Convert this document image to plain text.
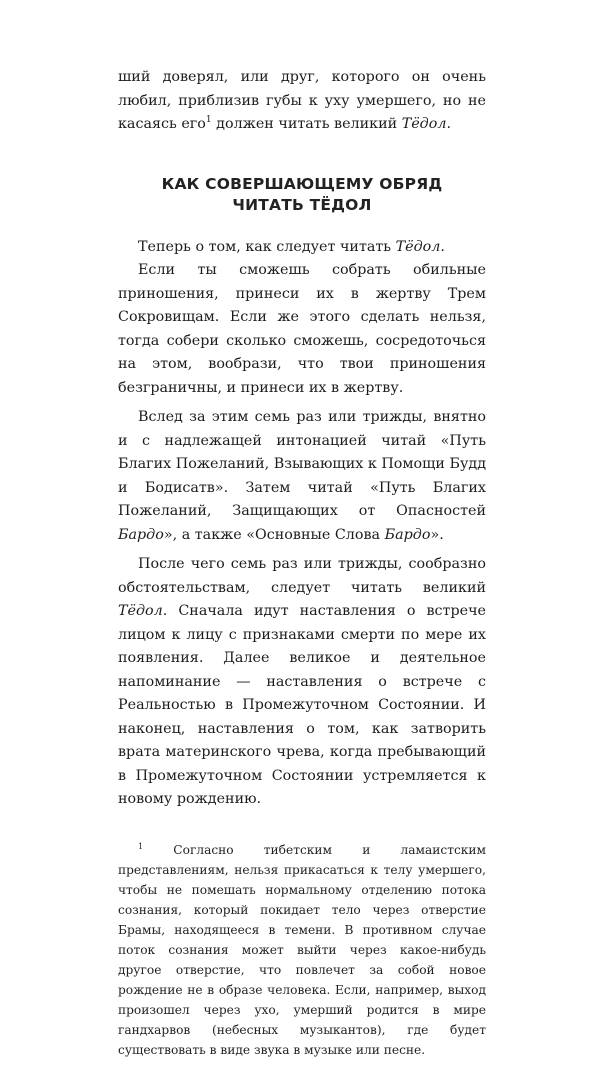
ший доверял, или друг, которого он очень любил, приблизив губы к уху умершего, но не касаясь его$^1$ должен читать великий Тёдол.

КАК СОВЕРШАЮЩЕМУ ОБРЯД
ЧИТАТЬ ТЁДОЛ

Теперь о том, как следует читать Тёдол.

Если ты сможешь собрать обильные приношения, принеси их в жертву Трем Сокровищам. Если же этого сделать нельзя, тогда собери сколько сможешь, сосредоточься на этом, вообрази, что твои приношения безграничны, и принеси их в жертву.

Вслед за этим семь раз или трижды, внятно и с надлежащей интонацией читай «Путь Благих Пожеланий, Взывающих к Помощи Будд и Бодисатв». Затем читай «Путь Благих Пожеланий, Защищающих от Опасностей Бардо», а также «Основные Слова Бардо».

После чего семь раз или трижды, сообразно обстоятельствам, следует читать великий Тёдол. Сначала идут наставления о встрече лицом к лицу с признаками смерти по мере их появления. Далее великое и деятельное напоминание — наставления о встрече с Реальностью в Промежуточном Состоянии. И наконец, наставления о том, как затворить врата материнского чрева, когда пребывающий в Промежуточном Состоянии устремляется к новому рождению.

$^1$ Согласно тибетским и ламаистским представлениям, нельзя прикасаться к телу умершего, чтобы не помешать нормальному отделению потока сознания, который покидает тело через отверстие Брамы, находящееся в темени. В противном случае поток сознания может выйти через какое-нибудь другое отверстие, что повлечет за собой новое рождение не в образе человека. Если, например, выход произошел через ухо, умерший родится в мире гандхарвов (небесных музыкантов), где будет существовать в виде звука в музыке или песне.
